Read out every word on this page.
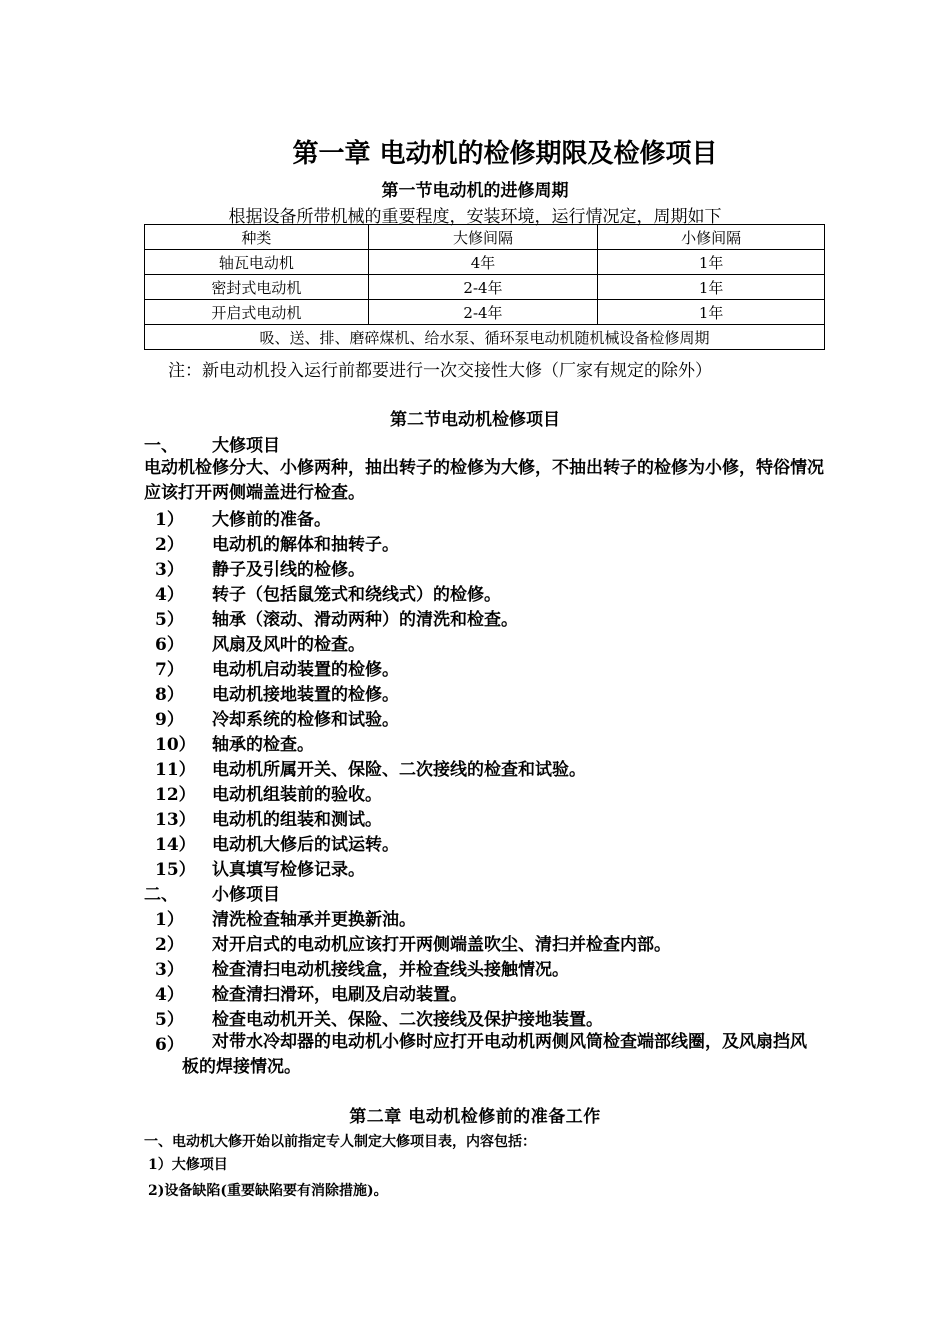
第一章 电动机的检修期限及检修项目
第一节电动机的进修周期
根据设备所带机械的重要程度，安装环境，运行情况定，周期如下
种类	大修间隔	小修间隔
轴瓦电动机	4年	1年
密封式电动机	2-4年	1年
开启式电动机	2-4年	1年
吸、送、排、磨碎煤机、给水泵、循环泵电动机随机械设备检修周期		
注：新电动机投入运行前都要进行一次交接性大修（厂家有规定的除外）
第二节电动机检修项目
一、 大修项目
电动机检修分大、小修两种，抽出转子的检修为大修，不抽出转子的检修为小修，特俗情况应该打开两侧端盖进行检查。
1） 大修前的准备。
2） 电动机的解体和抽转子。
3） 静子及引线的检修。
4） 转子（包括鼠笼式和绕线式）的检修。
5） 轴承（滚动、滑动两种）的清洗和检查。
6） 风扇及风叶的检查。
7） 电动机启动装置的检修。
8） 电动机接地装置的检修。
9） 冷却系统的检修和试验。
10） 轴承的检查。
11） 电动机所属开关、保险、二次接线的检查和试验。
12） 电动机组装前的验收。
13） 电动机的组装和测试。
14） 电动机大修后的试运转。
15） 认真填写检修记录。
二、 小修项目
1） 清洗检查轴承并更换新油。
2） 对开启式的电动机应该打开两侧端盖吹尘、清扫并检查内部。
3） 检查清扫电动机接线盒，并检查线头接触情况。
4） 检查清扫滑环，电刷及启动装置。
5） 检查电动机开关、保险、二次接线及保护接地装置。
6）	对带水冷却器的电动机小修时应打开电动机两侧风筒检查端部线圈，及风扇挡风板的焊接情况。
第二章 电动机检修前的准备工作
一、电动机大修开始以前指定专人制定大修项目表，内容包括：
1）大修项目
2)设备缺陷(重要缺陷要有消除措施)。
